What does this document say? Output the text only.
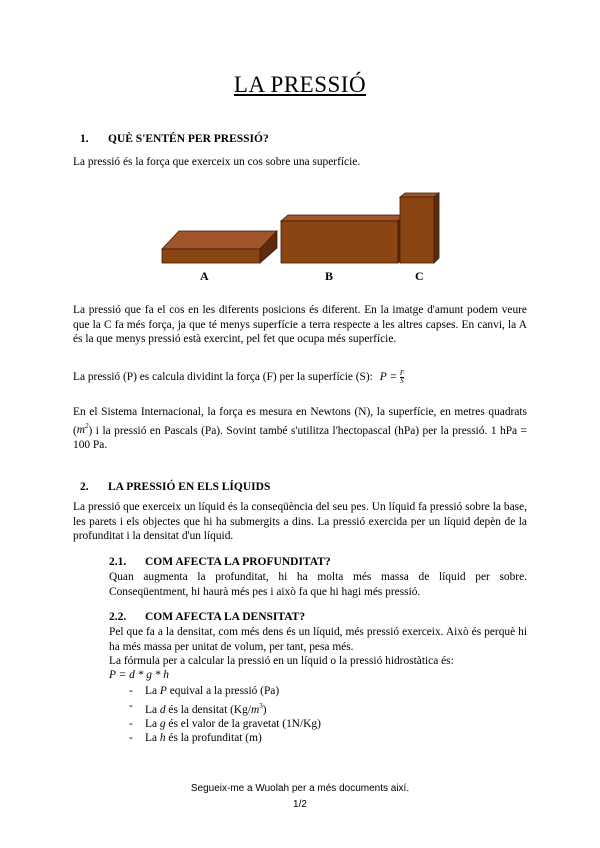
LA PRESSIÓ
1. QUÈ S'ENTÉN PER PRESSIÓ?
La pressió és la força que exerceix un cos sobre una superfície.
A	B	C
La pressió que fa el cos en les diferents posicions és diferent. En la imatge d'amunt podem veure que la C fa més força, ja que té menys superfície a terra respecte a les altres capses. En canvi, la A és la que menys pressió està exercint, pel fet que ocupa més superfície.
La pressió (P) es calcula dividint la força (F) per la superfície (S): $P = \frac{F}{S}$
En el Sistema Internacional, la força es mesura en Newtons (N), la superfície, en metres quadrats $(m^2)$ i la pressió en Pascals (Pa). Sovint també s'utilitza l'hectopascal (hPa) per la pressió. 1 hPa = 100 Pa.
2. LA PRESSIÓ EN ELS LÍQUIDS
La pressió que exerceix un líquid és la conseqüència del seu pes. Un líquid fa pressió sobre la base, les parets i els objectes que hi ha submergits a dins. La pressió exercida per un líquid depèn de la profunditat i la densitat d'un líquid.
2.1. COM AFECTA LA PROFUNDITAT?
Quan augmenta la profunditat, hi ha molta més massa de líquid per sobre. Conseqüentment, hi haurà més pes i això fa que hi hagi més pressió.
2.2. COM AFECTA LA DENSITAT?
Pel que fa a la densitat, com més dens és un líquid, més pressió exerceix. Això és perquè hi ha més massa per unitat de volum, per tant, pesa més.
La fórmula per a calcular la pressió en un líquid o la pressió hidrostàtica és:
P = d * g * h
- La P equival a la pressió (Pa)
- La d és la densitat $(Kg/m^3)$
- La g és el valor de la gravetat (1N/Kg)
- La h és la profunditat (m)
Segueix-me a Wuolah per a més documents així.
1/2
